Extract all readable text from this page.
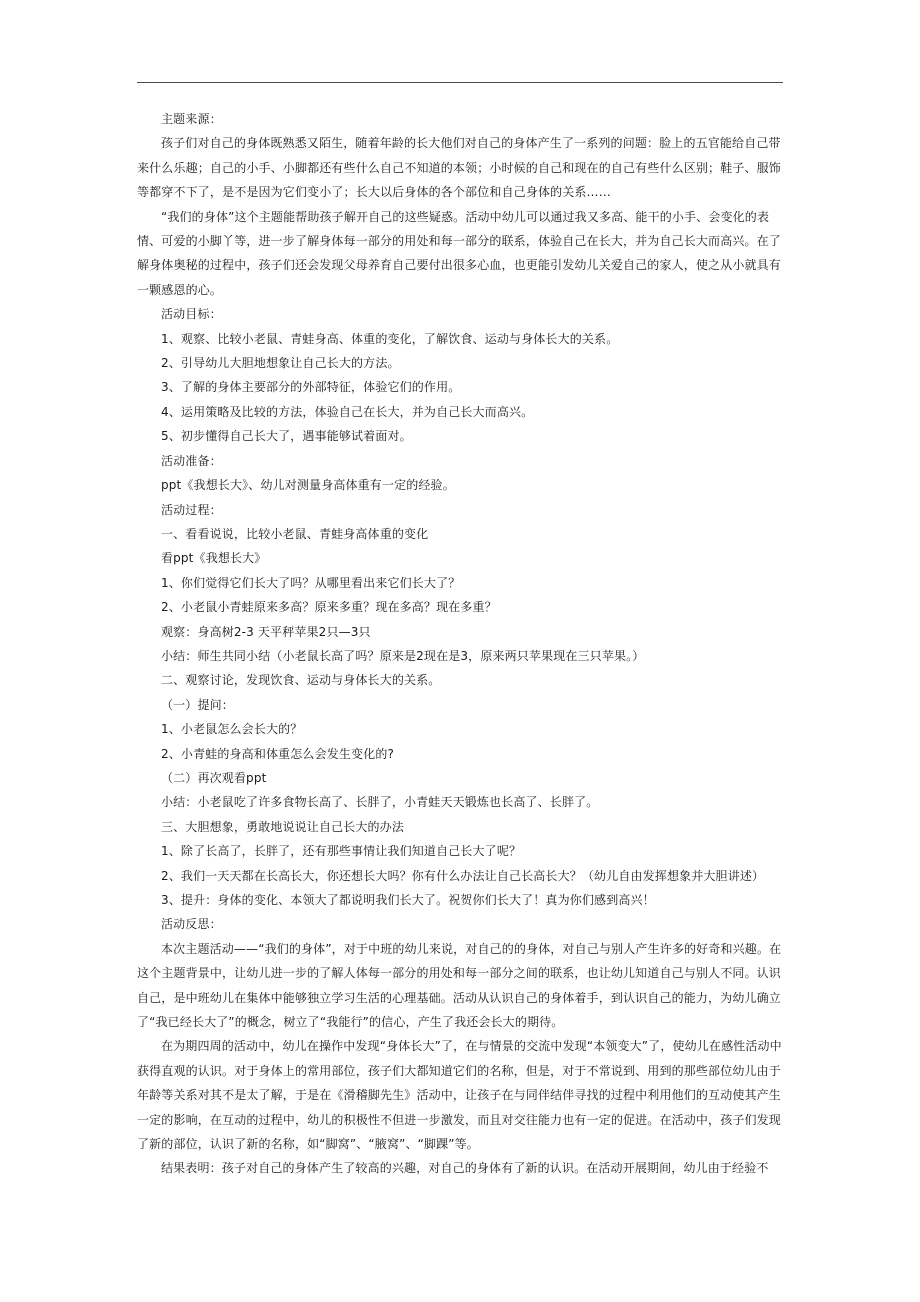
主题来源：

孩子们对自己的身体既熟悉又陌生，随着年龄的长大他们对自己的身体产生了一系列的问题：脸上的五官能给自己带来什么乐趣；自己的小手、小脚都还有些什么自己不知道的本领；小时候的自己和现在的自己有些什么区别；鞋子、服饰等都穿不下了，是不是因为它们变小了；长大以后身体的各个部位和自己身体的关系……

“我们的身体”这个主题能帮助孩子解开自己的这些疑惑。活动中幼儿可以通过我又多高、能干的小手、会变化的表情、可爱的小脚丫等，进一步了解身体每一部分的用处和每一部分的联系，体验自己在长大，并为自己长大而高兴。在了解身体奥秘的过程中，孩子们还会发现父母养育自己要付出很多心血，也更能引发幼儿关爱自己的家人，使之从小就具有一颗感恩的心。

活动目标：

1、观察、比较小老鼠、青蛙身高、体重的变化，了解饮食、运动与身体长大的关系。

2、引导幼儿大胆地想象让自己长大的方法。

3、了解的身体主要部分的外部特征，体验它们的作用。

4、运用策略及比较的方法，体验自己在长大，并为自己长大而高兴。

5、初步懂得自己长大了，遇事能够试着面对。

活动准备：

ppt《我想长大》、幼儿对测量身高体重有一定的经验。

活动过程：

一、看看说说，比较小老鼠、青蛙身高体重的变化

看ppt《我想长大》

1、你们觉得它们长大了吗？从哪里看出来它们长大了？

2、小老鼠小青蛙原来多高？原来多重？现在多高？现在多重？

观察：身高树2-3 天平秤苹果2只—3只

小结：师生共同小结（小老鼠长高了吗？原来是2现在是3，原来两只苹果现在三只苹果。）

二、观察讨论，发现饮食、运动与身体长大的关系。

（一）提问：

1、小老鼠怎么会长大的？

2、小青蛙的身高和体重怎么会发生变化的?

（二）再次观看ppt

小结：小老鼠吃了许多食物长高了、长胖了，小青蛙天天锻炼也长高了、长胖了。

三、大胆想象，勇敢地说说让自己长大的办法

1、除了长高了，长胖了，还有那些事情让我们知道自己长大了呢？

2、我们一天天都在长高长大，你还想长大吗？你有什么办法让自己长高长大？（幼儿自由发挥想象并大胆讲述）

3、提升：身体的变化、本领大了都说明我们长大了。祝贺你们长大了！真为你们感到高兴！

活动反思：

本次主题活动——“我们的身体”，对于中班的幼儿来说，对自己的的身体，对自己与别人产生许多的好奇和兴趣。在这个主题背景中，让幼儿进一步的了解人体每一部分的用处和每一部分之间的联系，也让幼儿知道自己与别人不同。认识自己，是中班幼儿在集体中能够独立学习生活的心理基础。活动从认识自己的身体着手，到认识自己的能力，为幼儿确立了“我已经长大了”的概念，树立了“我能行”的信心，产生了我还会长大的期待。

在为期四周的活动中，幼儿在操作中发现“身体长大”了，在与情景的交流中发现“本领变大”了，使幼儿在感性活动中获得直观的认识。对于身体上的常用部位，孩子们大都知道它们的名称，但是，对于不常说到、用到的那些部位幼儿由于年龄等关系对其不是太了解，于是在《滑稽脚先生》活动中，让孩子在与同伴结伴寻找的过程中利用他们的互动使其产生一定的影响，在互动的过程中，幼儿的积极性不但进一步激发，而且对交往能力也有一定的促进。在活动中，孩子们发现了新的部位，认识了新的名称，如“脚窝”、“腋窝”、“脚踝”等。

结果表明：孩子对自己的身体产生了较高的兴趣，对自己的身体有了新的认识。在活动开展期间，幼儿由于经验不
